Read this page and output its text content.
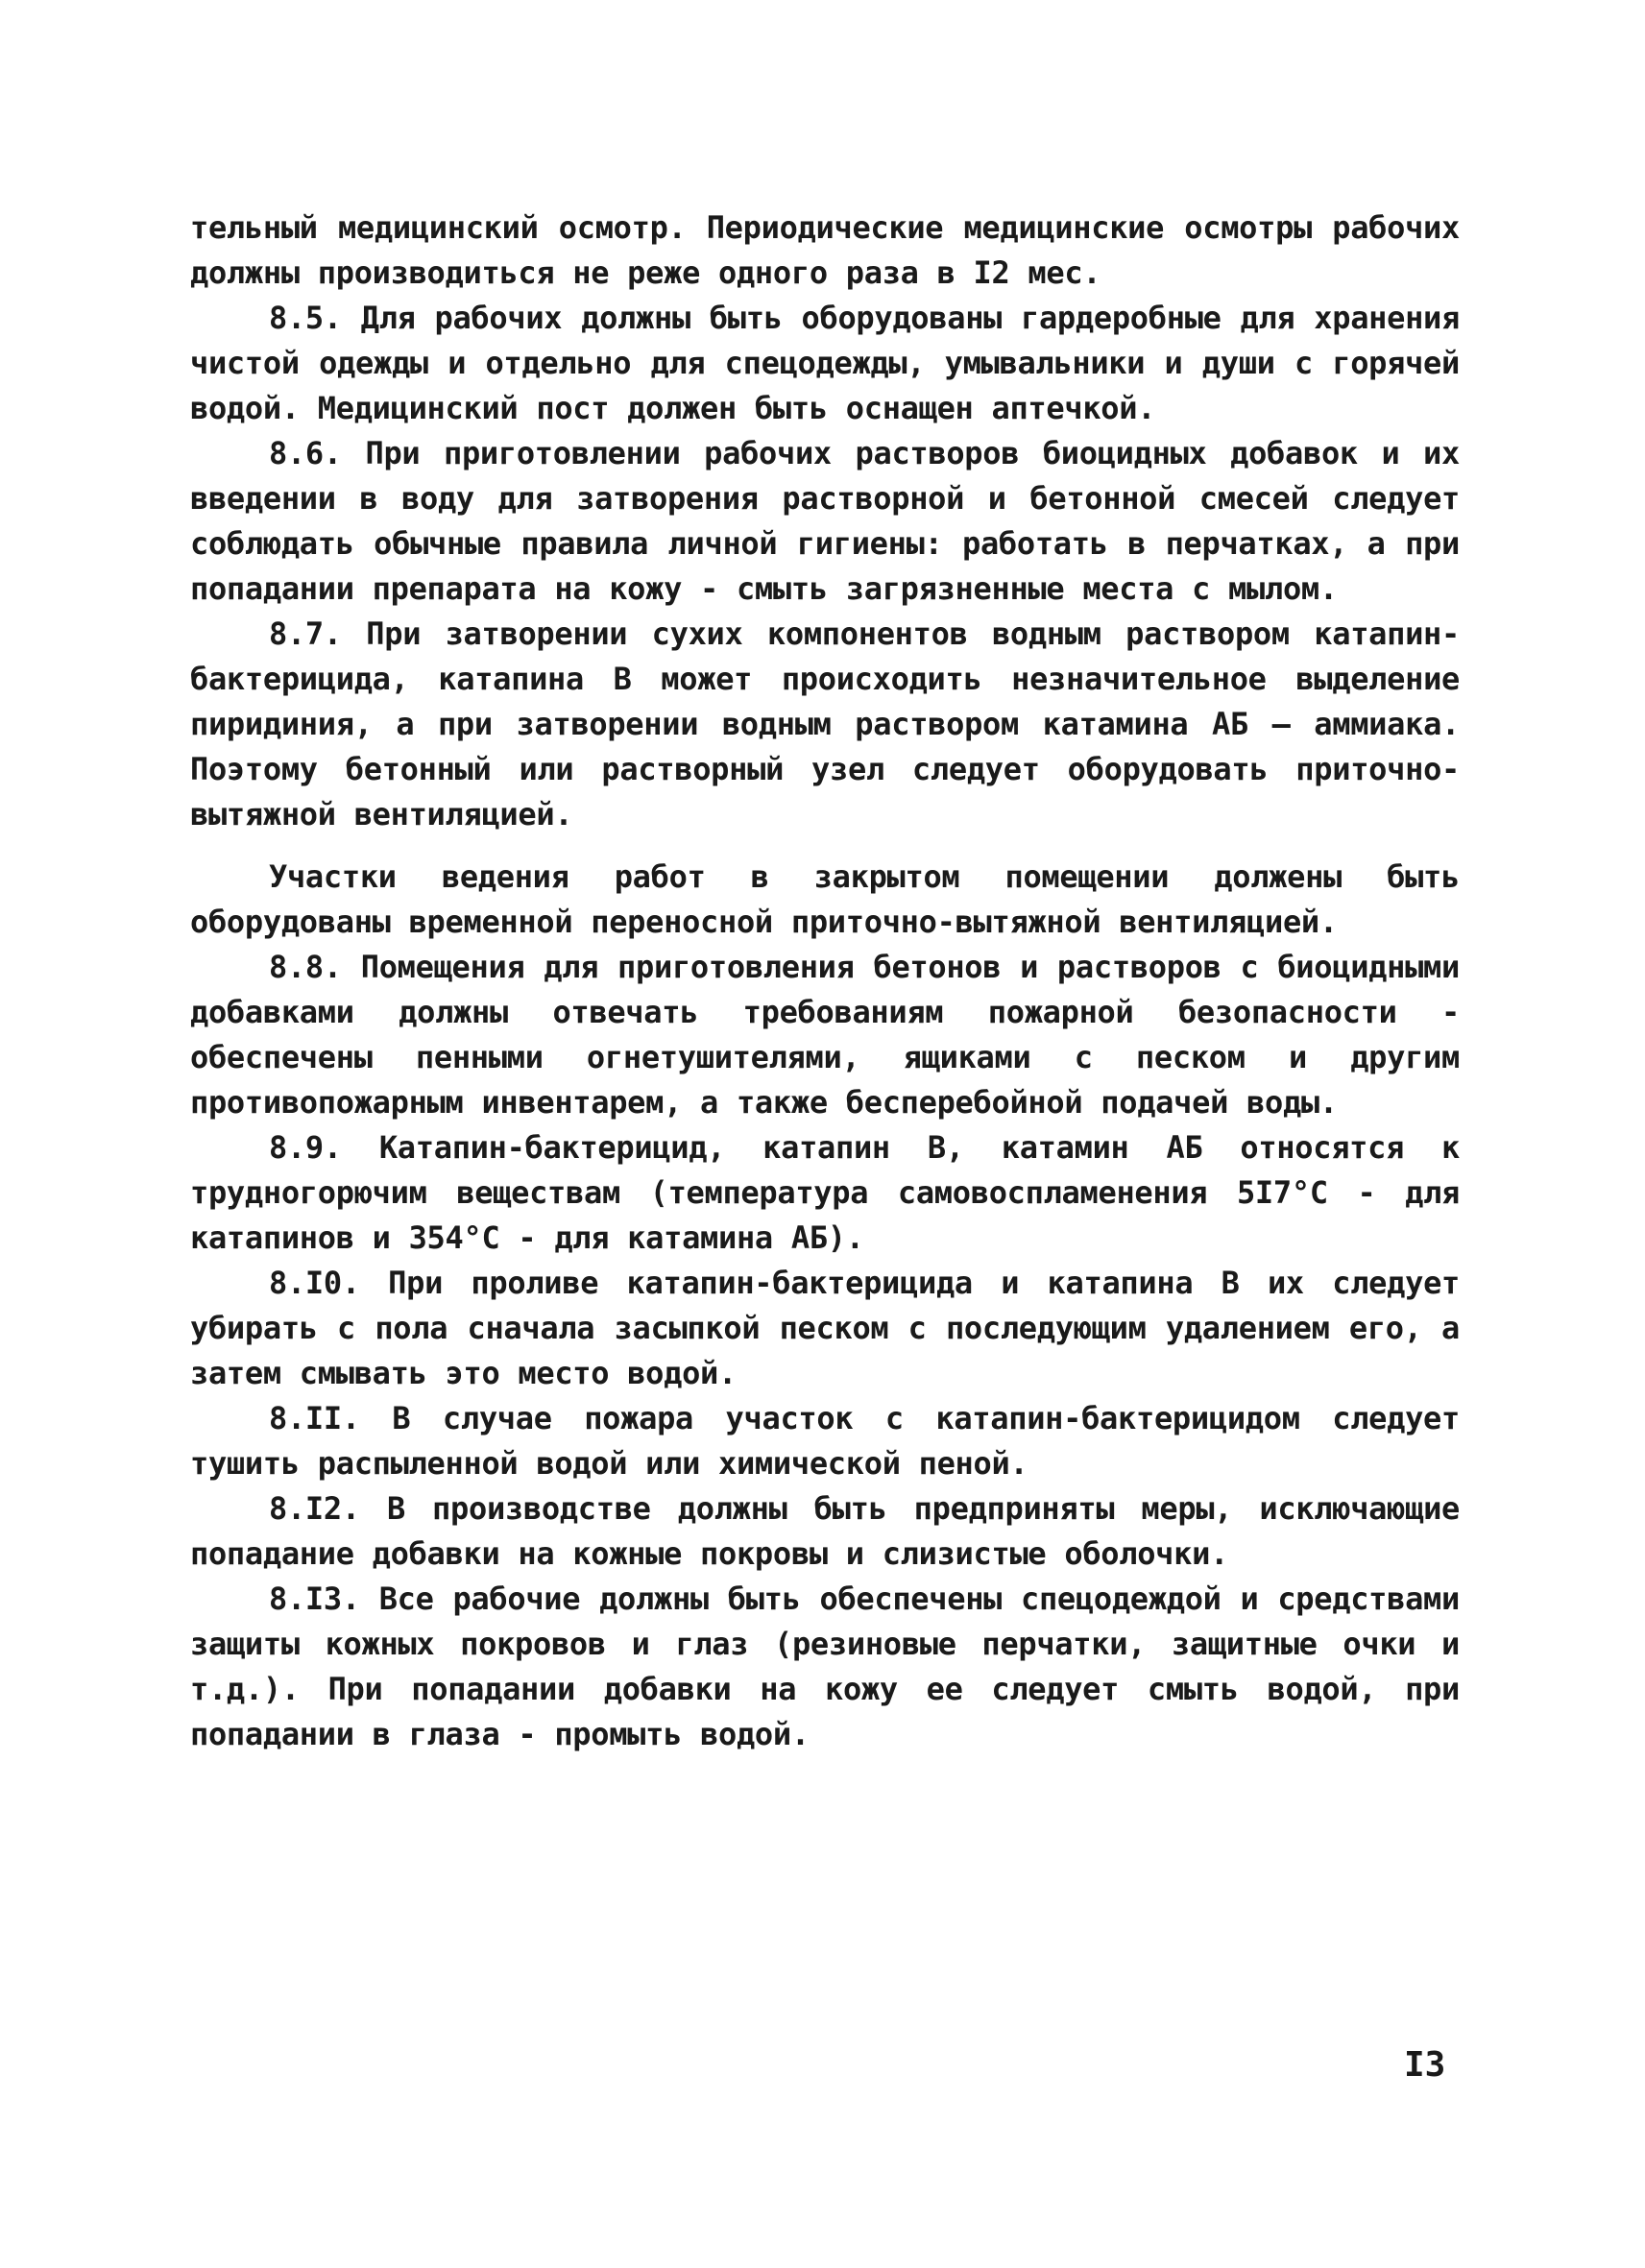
тельный медицинский осмотр. Периодические медицинские осмотры рабочих должны производиться не реже одного раза в I2 мес.

8.5. Для рабочих должны быть оборудованы гардеробные для хранения чистой одежды и отдельно для спецодежды, умывальники и души с горячей водой. Медицинский пост должен быть оснащен аптечкой.

8.6. При приготовлении рабочих растворов биоцидных добавок и их введении в воду для затворения растворной и бетонной смесей следует соблюдать обычные правила личной гигиены: работать в перчатках, а при попадании препарата на кожу - смыть загрязненные места с мылом.

8.7. При затворении сухих компонентов водным раствором катапин-бактерицида, катапина В может происходить незначительное выделение пиридиния, а при затворении водным раствором катамина АБ — аммиака. Поэтому бетонный или растворный узел следует оборудовать приточно-вытяжной вентиляцией.

Участки ведения работ в закрытом помещении должены быть оборудованы временной переносной приточно-вытяжной вентиляцией.

8.8. Помещения для приготовления бетонов и растворов с биоцидными добавками должны отвечать требованиям пожарной безопасности - обеспечены пенными огнетушителями, ящиками с песком и другим противопожарным инвентарем, а также бесперебойной подачей воды.

8.9. Катапин-бактерицид, катапин В, катамин АБ относятся к трудногорючим веществам (температура самовоспламенения 5I7°C - для катапинов и 354°C - для катамина АБ).

8.I0. При проливе катапин-бактерицида и катапина В их следует убирать с пола сначала засыпкой песком с последующим удалением его, а затем смывать это место водой.

8.II. В случае пожара участок с катапин-бактерицидом следует тушить распыленной водой или химической пеной.

8.I2. В производстве должны быть предприняты меры, исключающие попадание добавки на кожные покровы и слизистые оболочки.

8.I3. Все рабочие должны быть обеспечены спецодеждой и средствами защиты кожных покровов и глаз (резиновые перчатки, защитные очки и т.д.). При попадании добавки на кожу ее следует смыть водой, при попадании в глаза - промыть водой.

I3
